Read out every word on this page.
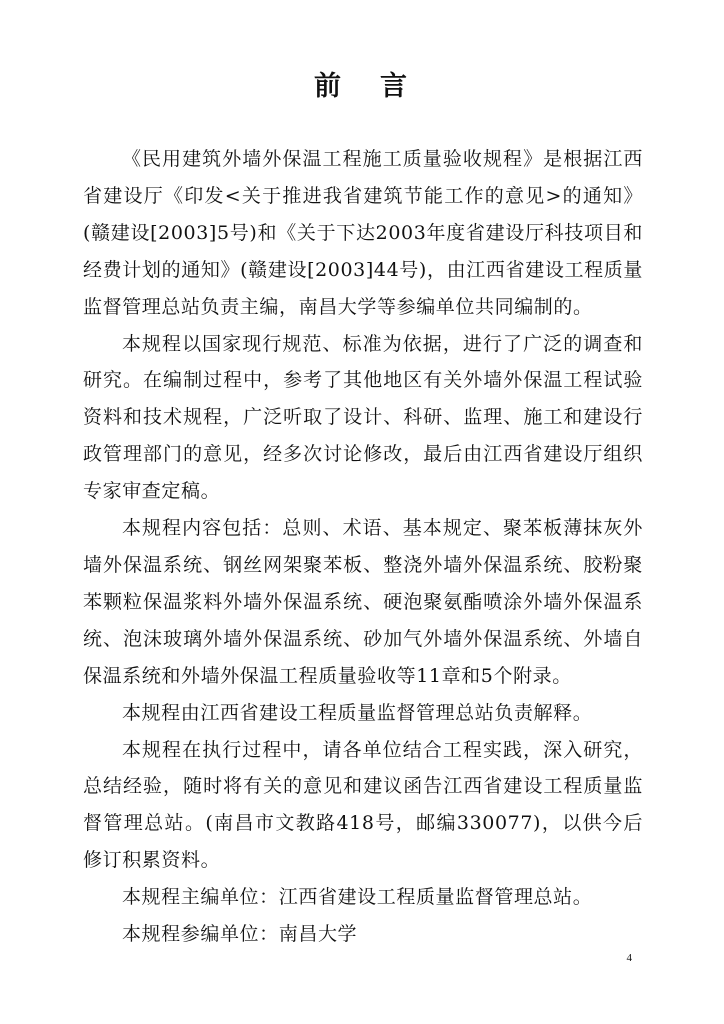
前 言

《民用建筑外墙外保温工程施工质量验收规程》是根据江西省建设厅《印发<关于推进我省建筑节能工作的意见>的通知》(赣建设[2003]5号)和《关于下达2003年度省建设厅科技项目和经费计划的通知》(赣建设[2003]44号)，由江西省建设工程质量监督管理总站负责主编，南昌大学等参编单位共同编制的。

本规程以国家现行规范、标准为依据，进行了广泛的调查和研究。在编制过程中，参考了其他地区有关外墙外保温工程试验资料和技术规程，广泛听取了设计、科研、监理、施工和建设行政管理部门的意见，经多次讨论修改，最后由江西省建设厅组织专家审查定稿。

本规程内容包括：总则、术语、基本规定、聚苯板薄抹灰外墙外保温系统、钢丝网架聚苯板、整浇外墙外保温系统、胶粉聚苯颗粒保温浆料外墙外保温系统、硬泡聚氨酯喷涂外墙外保温系统、泡沫玻璃外墙外保温系统、砂加气外墙外保温系统、外墙自保温系统和外墙外保温工程质量验收等11章和5个附录。

本规程由江西省建设工程质量监督管理总站负责解释。

本规程在执行过程中，请各单位结合工程实践，深入研究，总结经验，随时将有关的意见和建议函告江西省建设工程质量监督管理总站。(南昌市文教路418号，邮编330077)，以供今后修订积累资料。

本规程主编单位：江西省建设工程质量监督管理总站。

本规程参编单位：南昌大学

4
